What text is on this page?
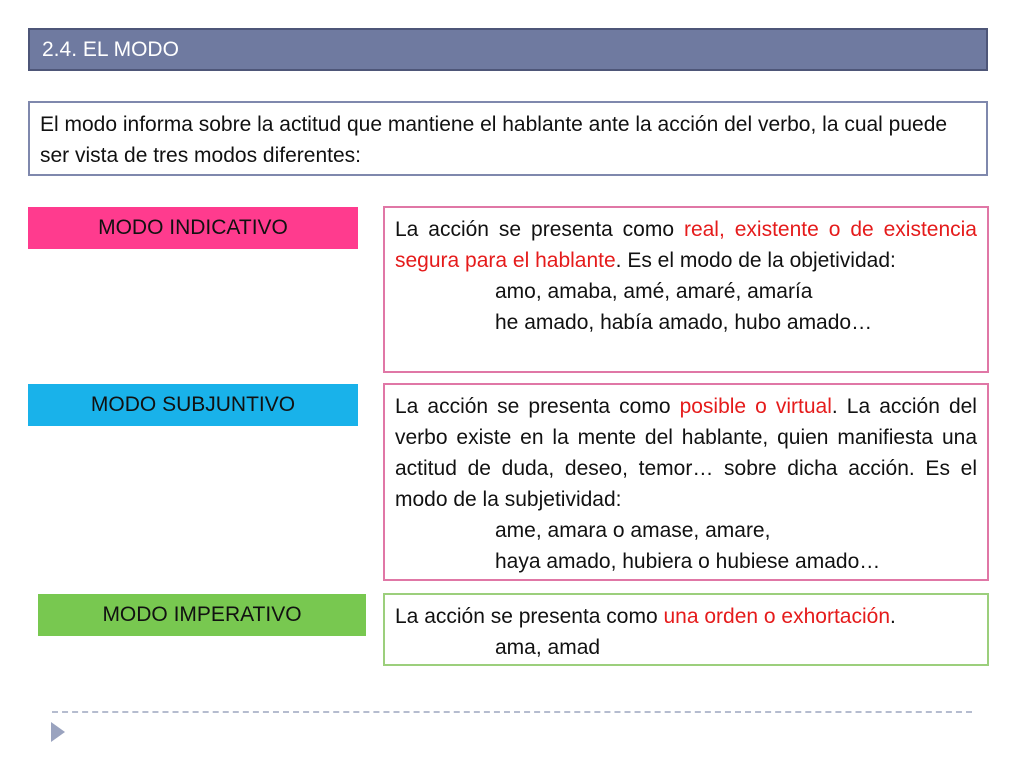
2.4. EL MODO
El modo informa sobre la actitud que mantiene el hablante ante la acción del verbo, la cual puede ser vista de tres modos diferentes:
MODO INDICATIVO	La acción se presenta como real, existente o de existencia segura para el hablante. Es el modo de la objetividad:
amo, amaba, amé, amaré, amaría
he amado, había amado, hubo amado…
MODO SUBJUNTIVO	La acción se presenta como posible o virtual. La acción del verbo existe en la mente del hablante, quien manifiesta una actitud de duda, deseo, temor… sobre dicha acción. Es el modo de la subjetividad:
ame, amara o amase, amare,
haya amado, hubiera o hubiese amado…
MODO IMPERATIVO	La acción se presenta como una orden o exhortación.
ama, amad
